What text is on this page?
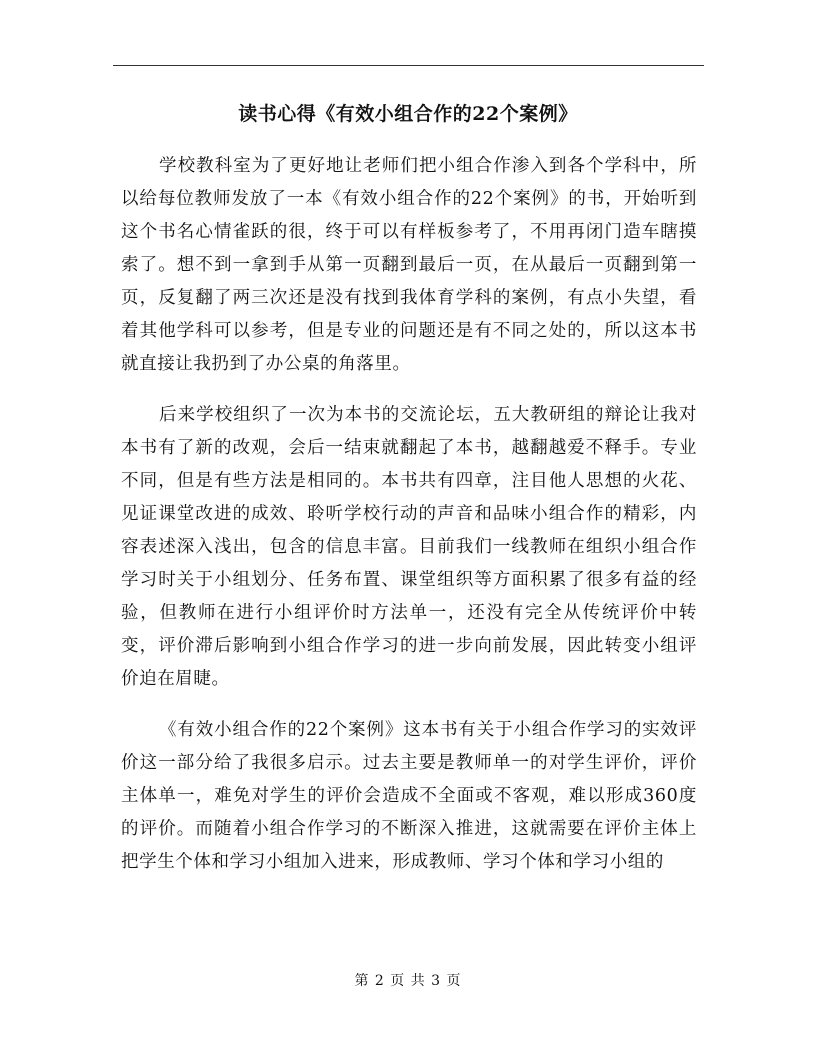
读书心得《有效小组合作的22个案例》

学校教科室为了更好地让老师们把小组合作渗入到各个学科中，所以给每位教师发放了一本《有效小组合作的22个案例》的书，开始听到这个书名心情雀跃的很，终于可以有样板参考了，不用再闭门造车瞎摸索了。想不到一拿到手从第一页翻到最后一页，在从最后一页翻到第一页，反复翻了两三次还是没有找到我体育学科的案例，有点小失望，看着其他学科可以参考，但是专业的问题还是有不同之处的，所以这本书就直接让我扔到了办公桌的角落里。

后来学校组织了一次为本书的交流论坛，五大教研组的辩论让我对本书有了新的改观，会后一结束就翻起了本书，越翻越爱不释手。专业不同，但是有些方法是相同的。本书共有四章，注目他人思想的火花、见证课堂改进的成效、聆听学校行动的声音和品味小组合作的精彩，内容表述深入浅出，包含的信息丰富。目前我们一线教师在组织小组合作学习时关于小组划分、任务布置、课堂组织等方面积累了很多有益的经验，但教师在进行小组评价时方法单一，还没有完全从传统评价中转变，评价滞后影响到小组合作学习的进一步向前发展，因此转变小组评价迫在眉睫。

《有效小组合作的22个案例》这本书有关于小组合作学习的实效评价这一部分给了我很多启示。过去主要是教师单一的对学生评价，评价主体单一，难免对学生的评价会造成不全面或不客观，难以形成360度的评价。而随着小组合作学习的不断深入推进，这就需要在评价主体上把学生个体和学习小组加入进来，形成教师、学习个体和学习小组的

第 2 页 共 3 页
